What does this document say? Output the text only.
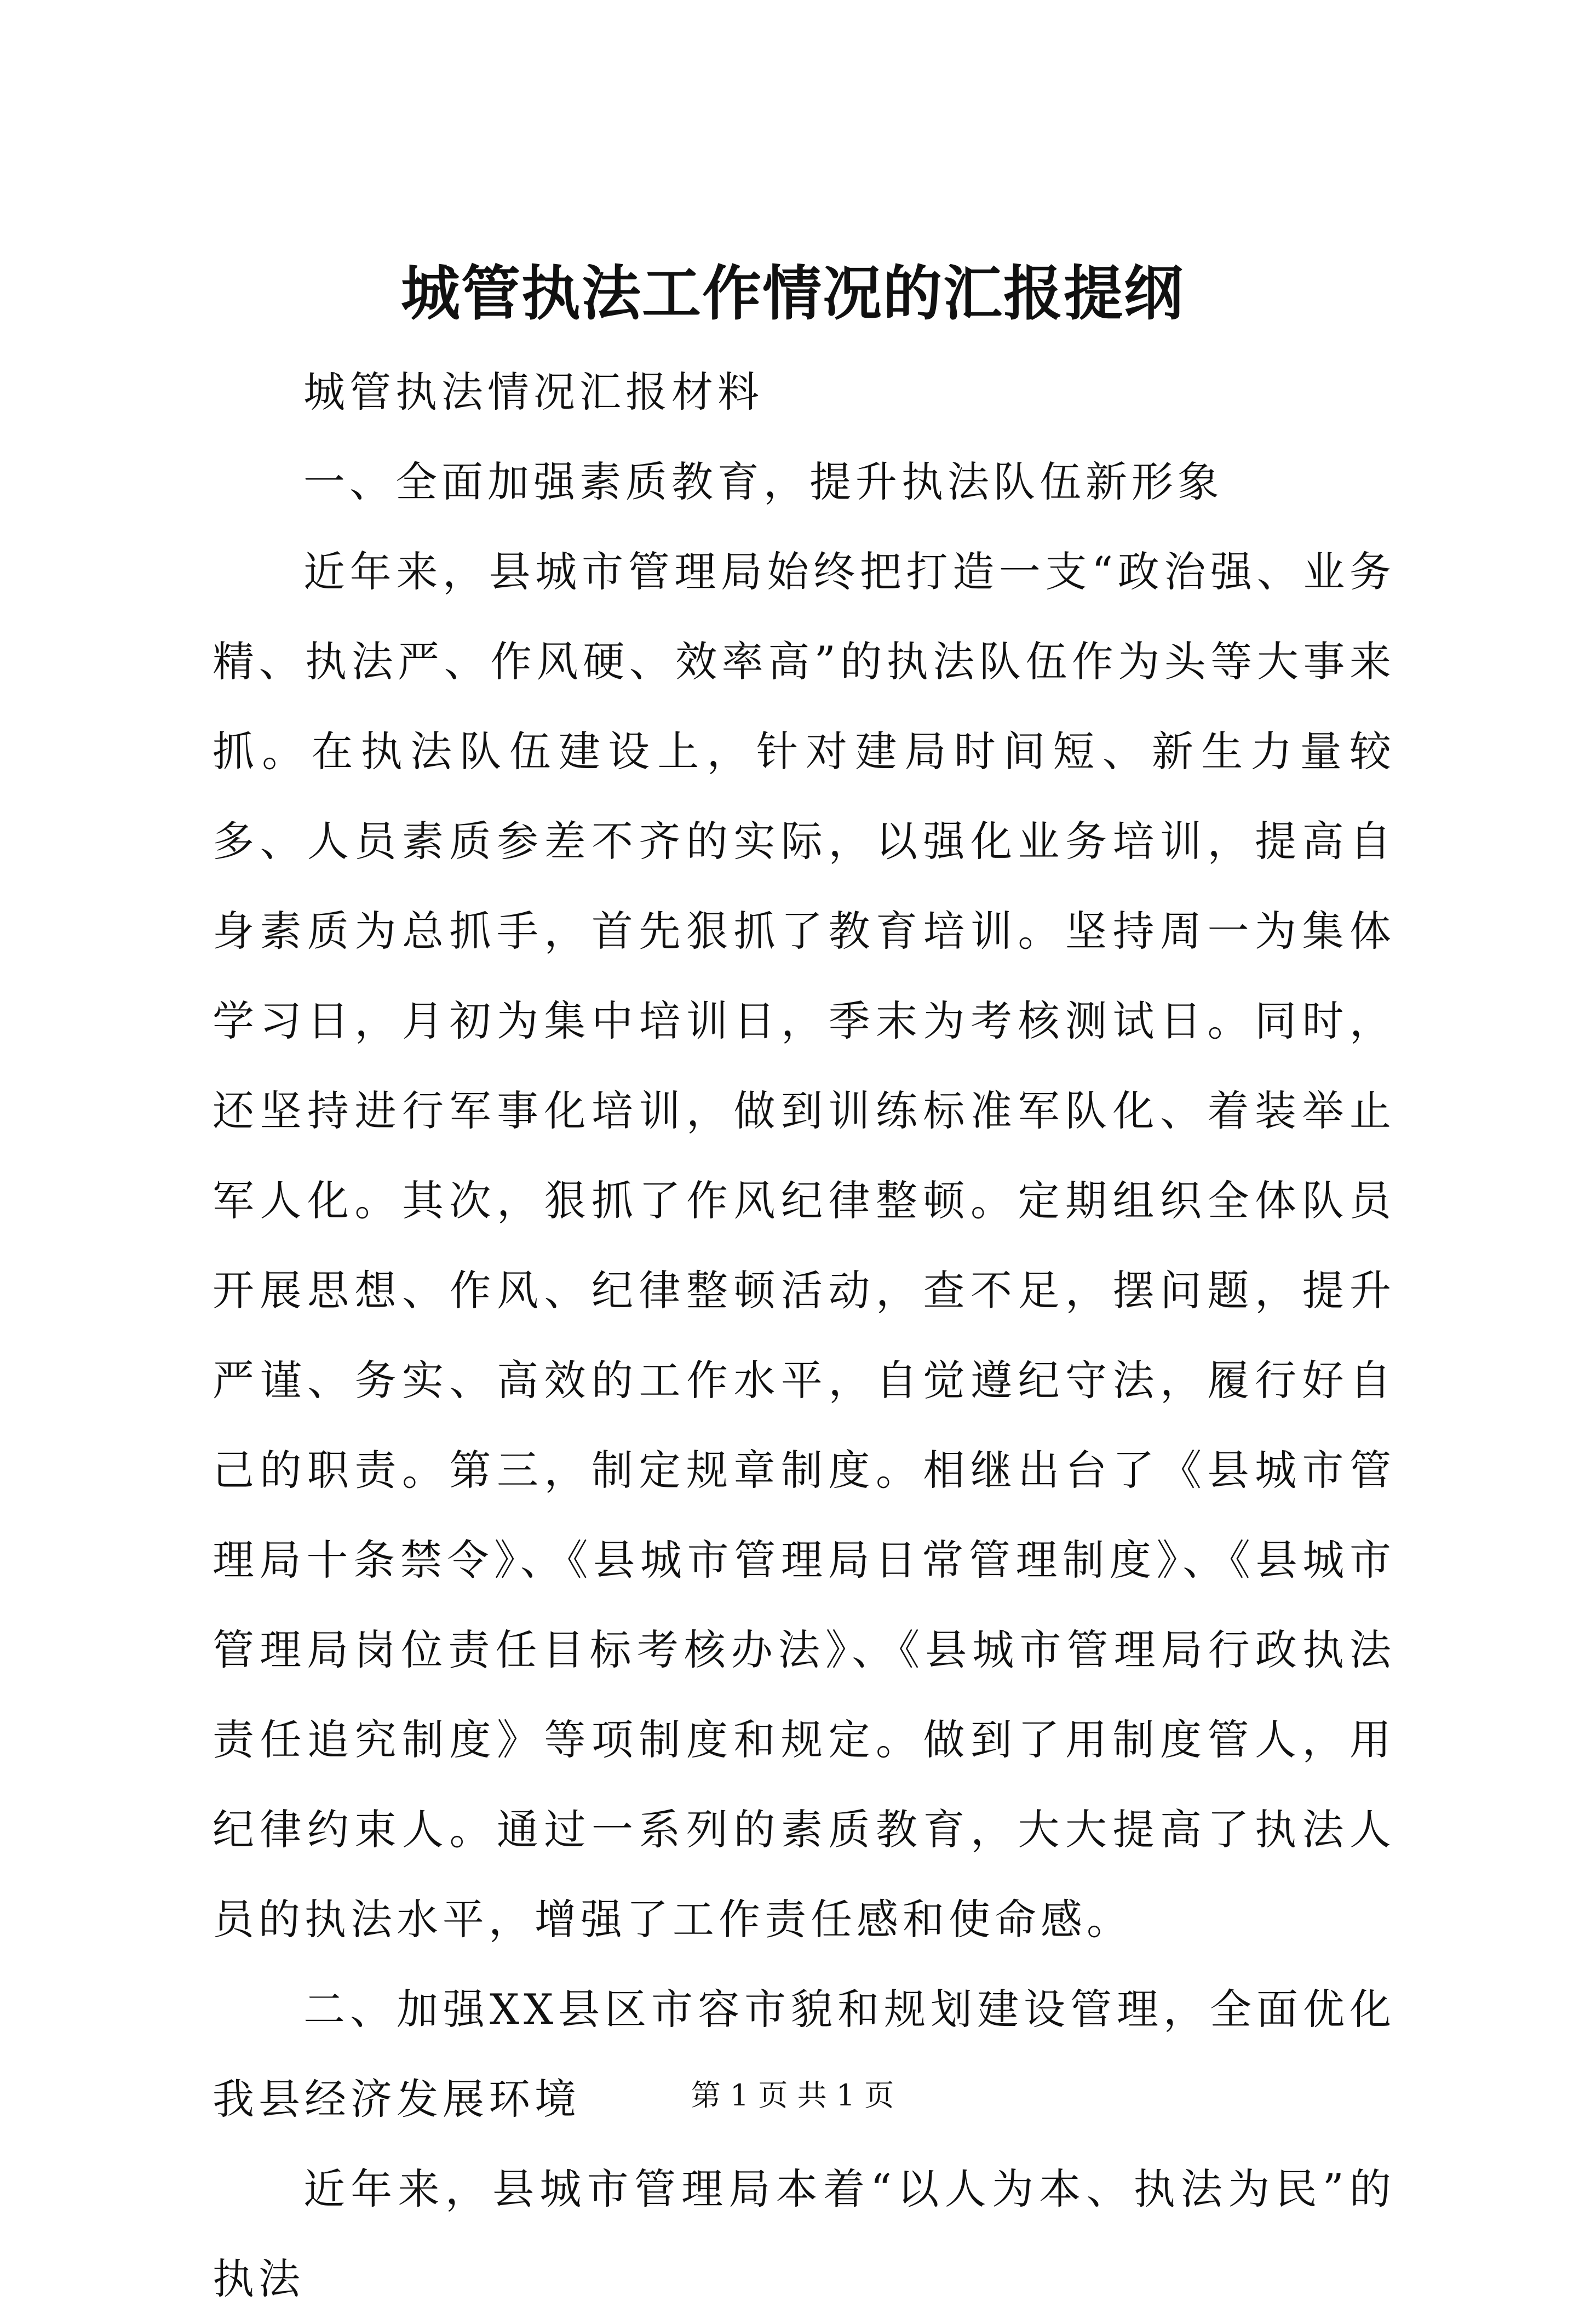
城管执法工作情况的汇报提纲

城管执法情况汇报材料

一、全面加强素质教育，提升执法队伍新形象

近年来，县城市管理局始终把打造一支“政治强、业务精、执法严、作风硬、效率高”的执法队伍作为头等大事来抓。在执法队伍建设上，针对建局时间短、新生力量较多、人员素质参差不齐的实际，以强化业务培训，提高自身素质为总抓手，首先狠抓了教育培训。坚持周一为集体学习日，月初为集中培训日，季末为考核测试日。同时，还坚持进行军事化培训，做到训练标准军队化、着装举止军人化。其次，狠抓了作风纪律整顿。定期组织全体队员开展思想、作风、纪律整顿活动，查不足，摆问题，提升严谨、务实、高效的工作水平，自觉遵纪守法，履行好自己的职责。第三，制定规章制度。相继出台了《县城市管理局十条禁令》、《县城市管理局日常管理制度》、《县城市管理局岗位责任目标考核办法》、《县城市管理局行政执法责任追究制度》等项制度和规定。做到了用制度管人，用纪律约束人。通过一系列的素质教育，大大提高了执法人员的执法水平，增强了工作责任感和使命感。

二、加强XX县区市容市貌和规划建设管理，全面优化我县经济发展环境

近年来，县城市管理局本着“以人为本、执法为民”的执法

第 1 页 共 1 页
